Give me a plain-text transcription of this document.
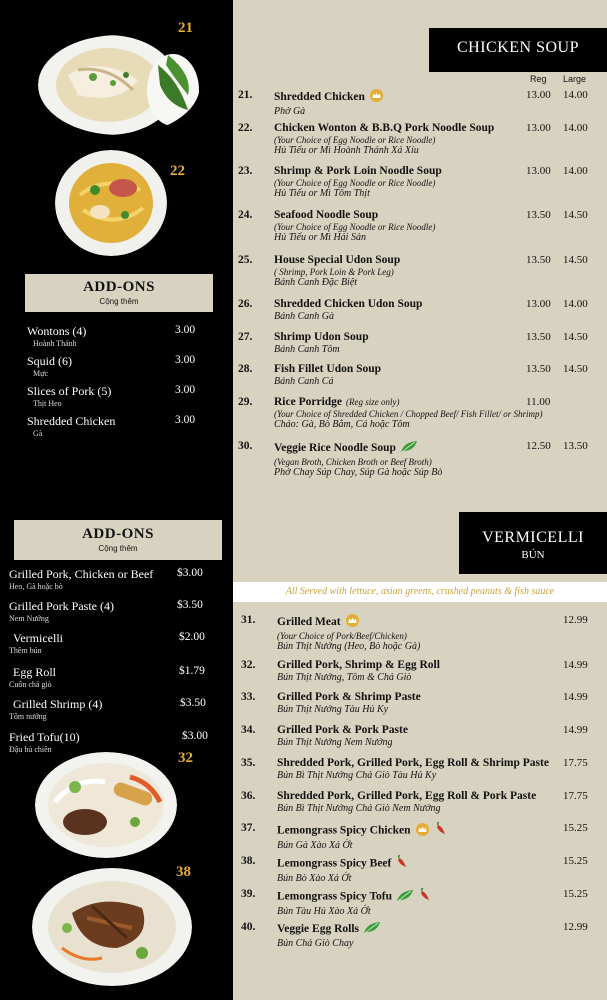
21
22
ADD-ONS
Cộng thêm
Wontons (4)
Hoành Thánh
3.00
Squid (6)
Mực
3.00
Slices of Pork (5)
Thịt Heo
3.00
Shredded Chicken
Gà
3.00
ADD-ONS
Cộng thêm
Grilled Pork, Chicken or Beef
Heo, Gà hoặc bò
$3.00
Grilled Pork Paste (4)
Nem Nướng
$3.50
Vermicelli
Thêm bún
$2.00
Egg Roll
Cuốn chả giò
$1.79
Grilled Shrimp (4)
Tôm nướng
$3.50
Fried Tofu(10)
Đậu hủ chiên
$3.00
32
38
CHICKEN SOUP
Reg Large
21. Shredded Chicken
Phở Gà
13.00 14.00
22. Chicken Wonton & B.B.Q Pork Noodle Soup
(Your Choice of Egg Noodle or Rice Noodle)
Hủ Tiếu or Mì Hoành Thánh Xá Xíu
13.00 14.00
23. Shrimp & Pork Loin Noodle Soup
(Your Choice of Egg Noodle or Rice Noodle)
Hủ Tiếu or Mì Tôm Thịt
13.00 14.00
24. Seafood Noodle Soup
(Your Choice of Egg Noodle or Rice Noodle)
Hủ Tiếu or Mì Hải Sản
13.50 14.50
25. House Special Udon Soup
( Shrimp, Pork Loin & Pork Leg)
Bánh Canh Đặc Biệt
13.50 14.50
26. Shredded Chicken Udon Soup
Bánh Canh Gà
13.00 14.00
27. Shrimp Udon Soup
Bánh Canh Tôm
13.50 14.50
28. Fish Fillet Udon Soup
Bánh Canh Cá
13.50 14.50
29. Rice Porridge (Reg size only)
(Your Choice of Shredded Chicken / Chopped Beef/ Fish Fillet/ or Shrimp)
Cháo: Gà, Bò Bằm, Cá hoặc Tôm
11.00
30. Veggie Rice Noodle Soup
(Vegan Broth, Chicken Broth or Beef Broth)
Phở Chay Súp Chay, Súp Gà hoặc Súp Bò
12.50 13.50
VERMICELLI
BÚN
All Served with lettuce, asian greens, crushed peanuts & fish sauce
31. Grilled Meat
(Your Choice of Pork/Beef/Chicken)
Bún Thịt Nướng (Heo, Bò hoặc Gà)
12.99
32. Grilled Pork, Shrimp & Egg Roll
Bún Thịt Nướng, Tôm & Chả Giò
14.99
33. Grilled Pork & Shrimp Paste
Bún Thịt Nướng Tàu Hủ Ky
14.99
34. Grilled Pork & Pork Paste
Bún Thịt Nướng Nem Nướng
14.99
35. Shredded Pork, Grilled Pork, Egg Roll & Shrimp Paste
Bún Bì Thịt Nướng Chả Giò Tàu Hủ Ky
17.75
36. Shredded Pork, Grilled Pork, Egg Roll & Pork Paste
Bún Bì Thịt Nướng Chả Giò Nem Nướng
17.75
37. Lemongrass Spicy Chicken
Bún Gà Xào Xả Ớt
15.25
38. Lemongrass Spicy Beef
Bún Bò Xào Xả Ớt
15.25
39. Lemongrass Spicy Tofu
Bún Tàu Hủ Xào Xả Ớt
15.25
40. Veggie Egg Rolls
Bún Chả Giò Chay
12.99
